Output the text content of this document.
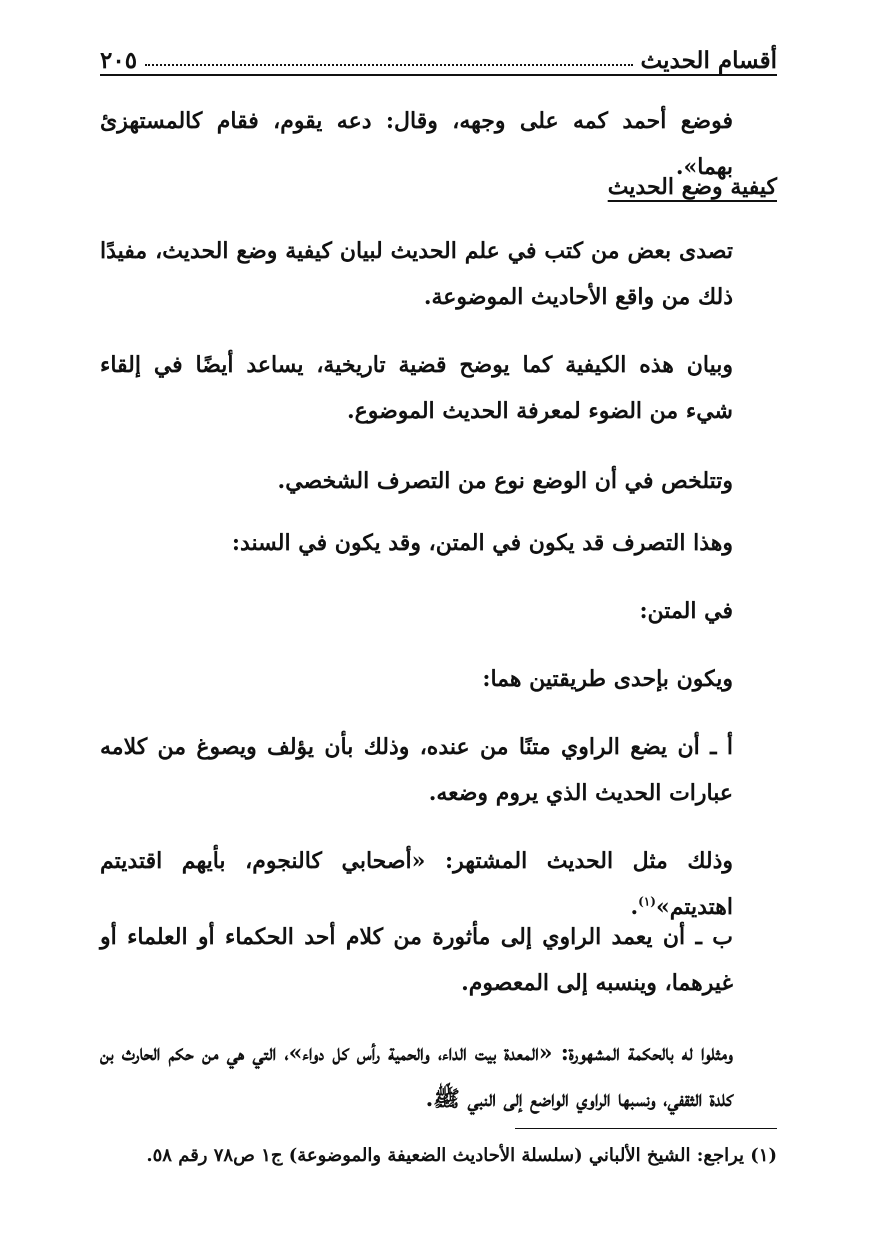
أقسام الحديث
٢٠٥

فوضع أحمد كمه على وجهه، وقال: دعه يقوم، فقام كالمستهزئ بهما».

كيفية وضع الحديث

تصدى بعض من كتب في علم الحديث لبيان كيفية وضع الحديث، مفيدًا ذلك من واقع الأحاديث الموضوعة.

وبيان هذه الكيفية كما يوضح قضية تاريخية، يساعد أيضًا في إلقاء شيء من الضوء لمعرفة الحديث الموضوع.

وتتلخص في أن الوضع نوع من التصرف الشخصي.

وهذا التصرف قد يكون في المتن، وقد يكون في السند:

في المتن:

ويكون بإحدى طريقتين هما:

أ ـ أن يضع الراوي متنًا من عنده، وذلك بأن يؤلف ويصوغ من كلامه عبارات الحديث الذي يروم وضعه.

وذلك مثل الحديث المشتهر: «أصحابي كالنجوم، بأيهم اقتديتم اهتديتم»$^{(١)}$.

ب ـ أن يعمد الراوي إلى مأثورة من كلام أحد الحكماء أو العلماء أو غيرهما، وينسبه إلى المعصوم.

ومثلوا له بالحكمة المشهورة: «المعدة بيت الداء، والحمية رأس كل دواء»، التي هي من حكم الحارث بن كلدة الثقفي، ونسبها الراوي الواضع إلى النبي ﷺ.

(١) يراجع: الشيخ الألباني (سلسلة الأحاديث الضعيفة والموضوعة) ج١ ص٧٨ رقم ٥٨.
